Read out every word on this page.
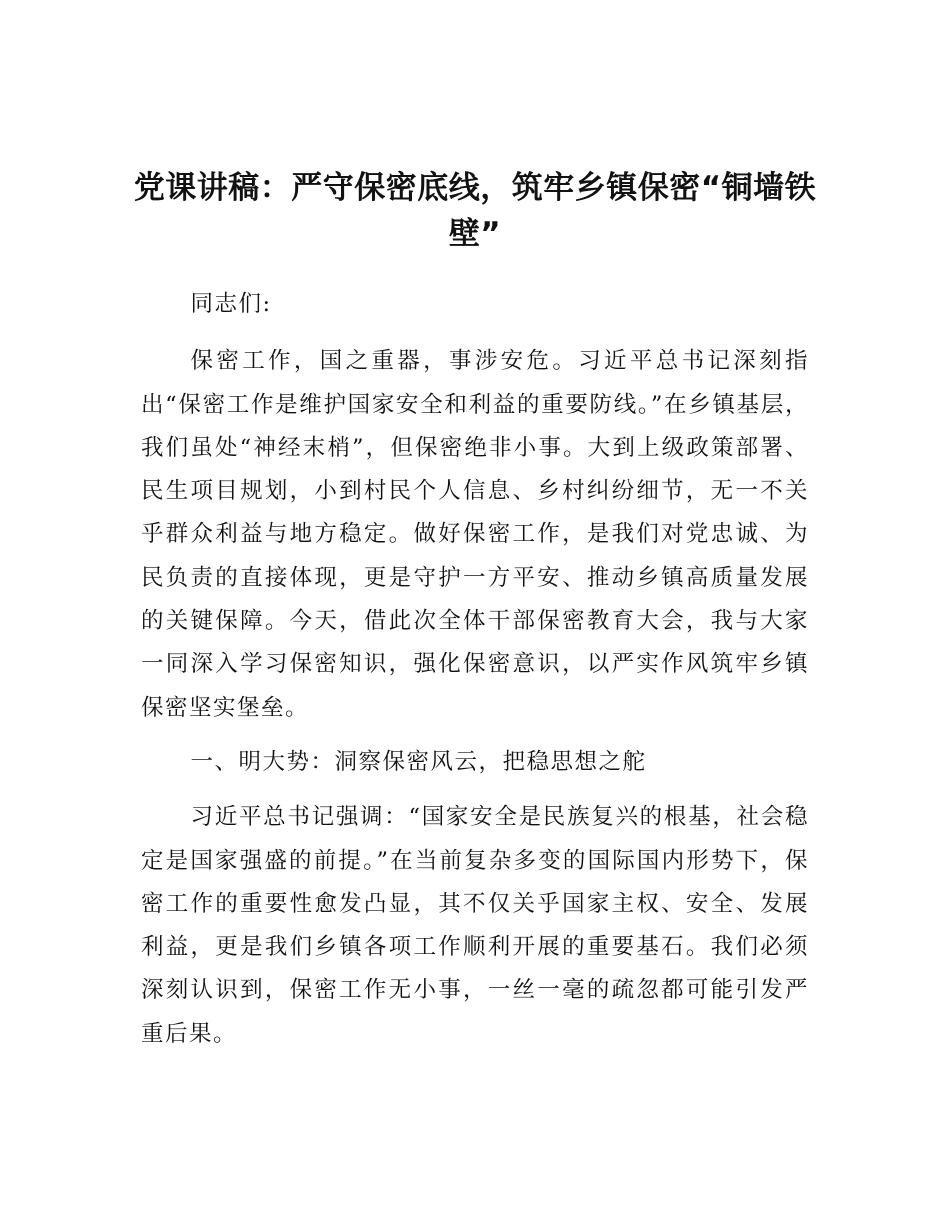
党课讲稿：严守保密底线，筑牢乡镇保密“铜墙铁壁”

同志们:

保密工作，国之重器，事涉安危。习近平总书记深刻指出“保密工作是维护国家安全和利益的重要防线。”在乡镇基层，我们虽处“神经末梢”，但保密绝非小事。大到上级政策部署、民生项目规划，小到村民个人信息、乡村纠纷细节，无一不关乎群众利益与地方稳定。做好保密工作，是我们对党忠诚、为民负责的直接体现，更是守护一方平安、推动乡镇高质量发展的关键保障。今天，借此次全体干部保密教育大会，我与大家一同深入学习保密知识，强化保密意识，以严实作风筑牢乡镇保密坚实堡垒。

一、明大势：洞察保密风云，把稳思想之舵

习近平总书记强调：“国家安全是民族复兴的根基，社会稳定是国家强盛的前提。”在当前复杂多变的国际国内形势下，保密工作的重要性愈发凸显，其不仅关乎国家主权、安全、发展利益，更是我们乡镇各项工作顺利开展的重要基石。我们必须深刻认识到，保密工作无小事，一丝一毫的疏忽都可能引发严重后果。
